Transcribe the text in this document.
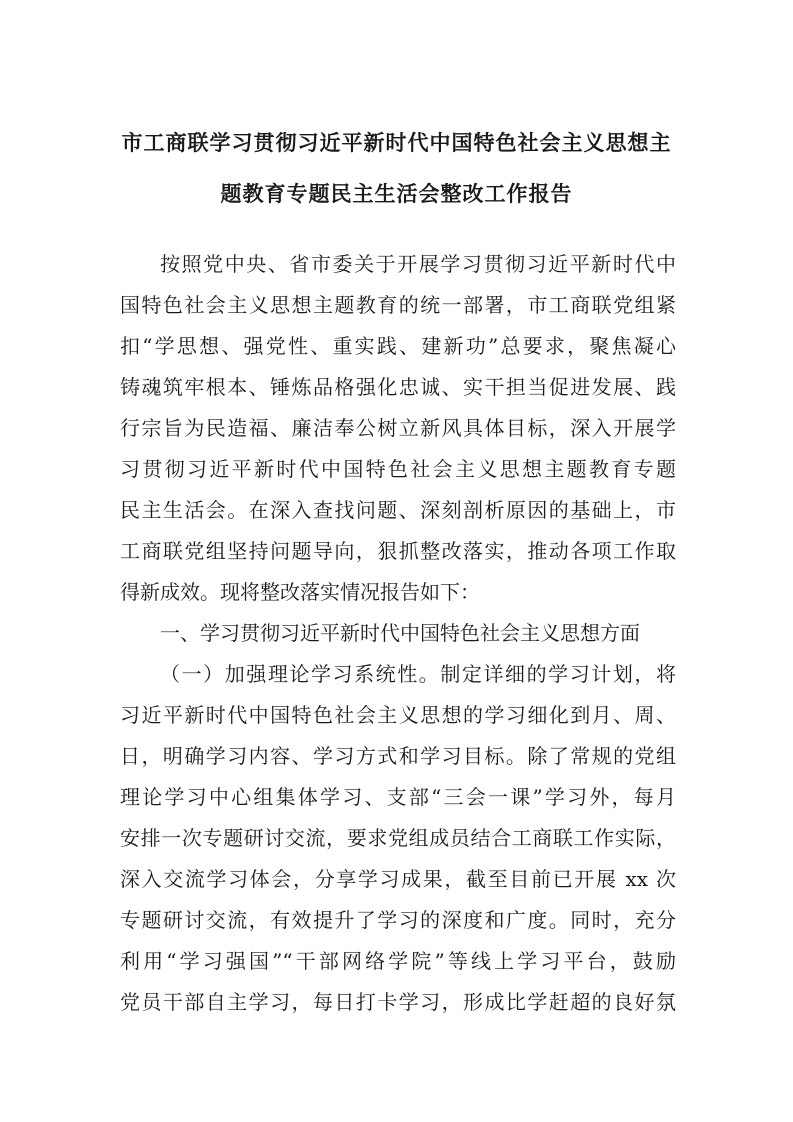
市工商联学习贯彻习近平新时代中国特色社会主义思想主
题教育专题民主生活会整改工作报告
按照党中央、省市委关于开展学习贯彻习近平新时代中
国特色社会主义思想主题教育的统一部署，市工商联党组紧
扣“学思想、强党性、重实践、建新功”总要求，聚焦凝心
铸魂筑牢根本、锤炼品格强化忠诚、实干担当促进发展、践
行宗旨为民造福、廉洁奉公树立新风具体目标，深入开展学
习贯彻习近平新时代中国特色社会主义思想主题教育专题
民主生活会。在深入查找问题、深刻剖析原因的基础上，市
工商联党组坚持问题导向，狠抓整改落实，推动各项工作取
得新成效。现将整改落实情况报告如下：
一、学习贯彻习近平新时代中国特色社会主义思想方面
（一）加强理论学习系统性。制定详细的学习计划，将
习近平新时代中国特色社会主义思想的学习细化到月、周、
日，明确学习内容、学习方式和学习目标。除了常规的党组
理论学习中心组集体学习、支部“三会一课”学习外，每月
安排一次专题研讨交流，要求党组成员结合工商联工作实际，
深入交流学习体会，分享学习成果，截至目前已开展 xx 次
专题研讨交流，有效提升了学习的深度和广度。同时，充分
利用“学习强国”“干部网络学院”等线上学习平台，鼓励
党员干部自主学习，每日打卡学习，形成比学赶超的良好氛
